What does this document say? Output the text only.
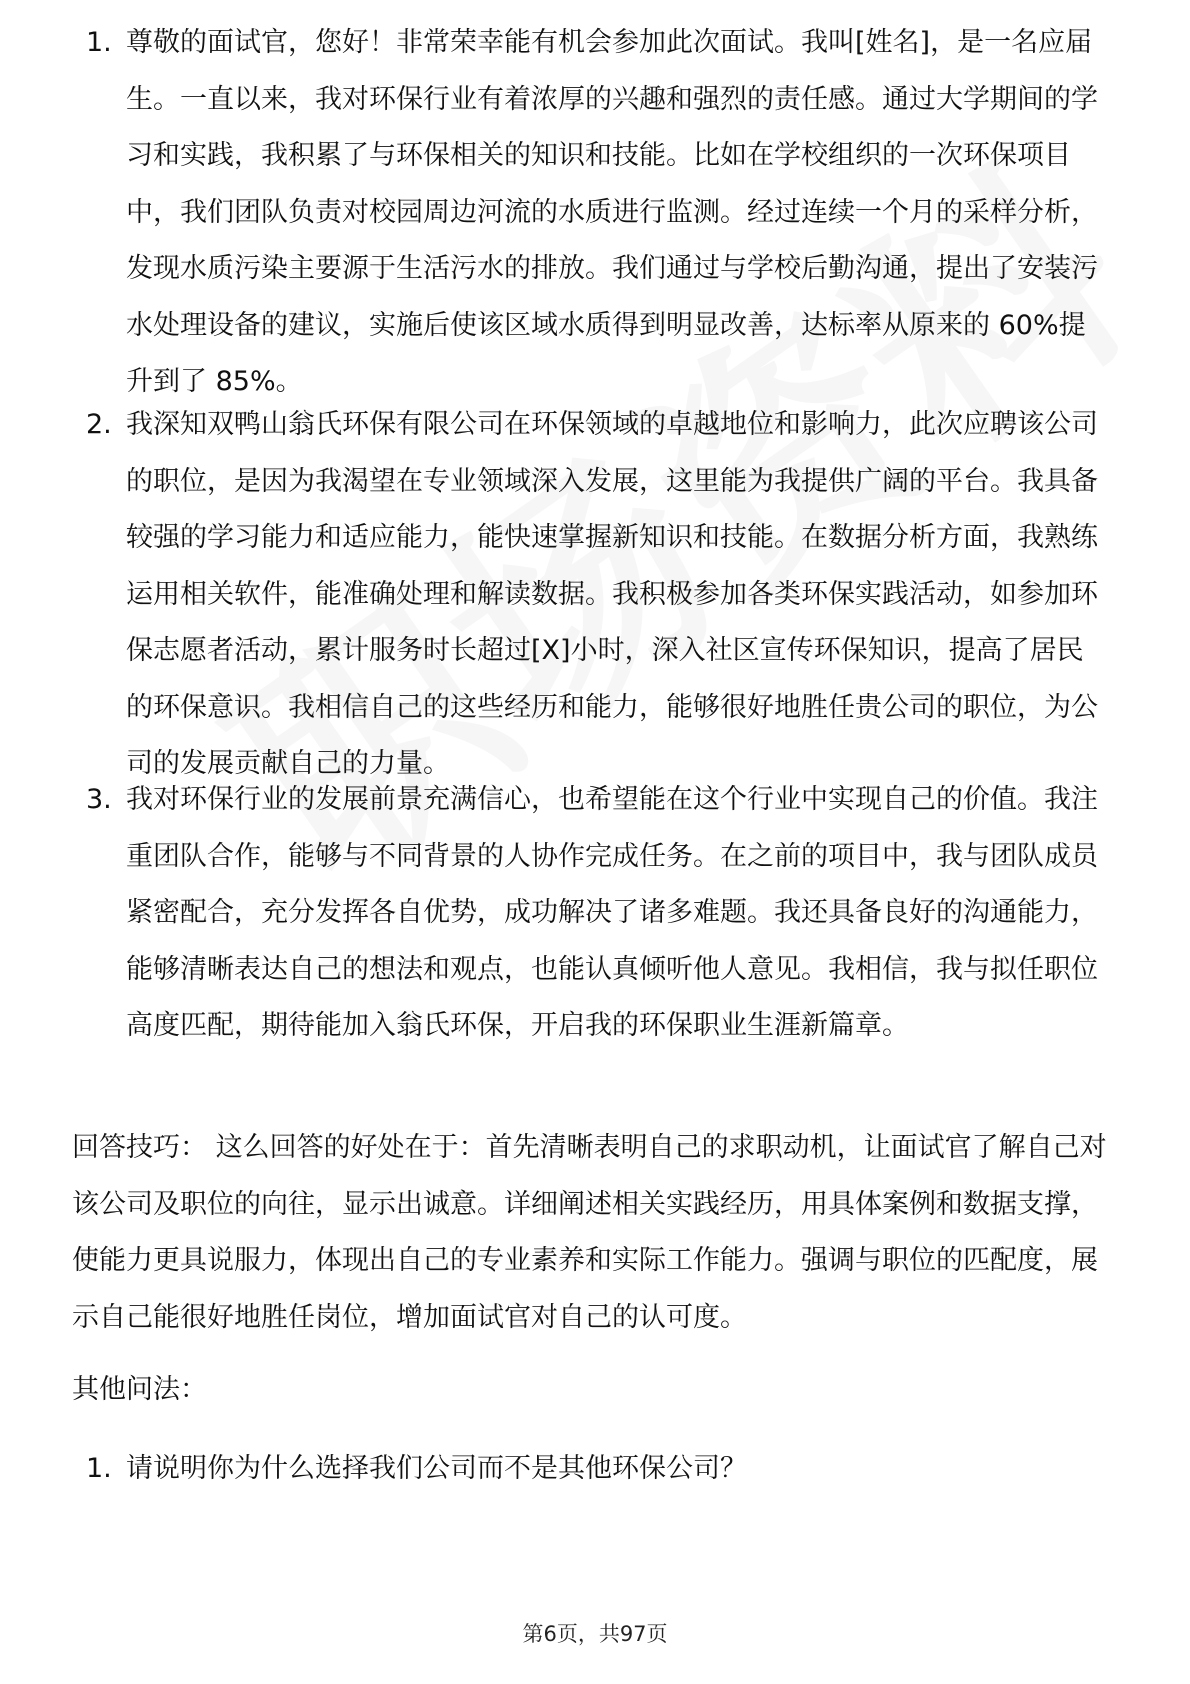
1. 尊敬的面试官，您好！非常荣幸能有机会参加此次面试。我叫[姓名]，是一名应届生。一直以来，我对环保行业有着浓厚的兴趣和强烈的责任感。通过大学期间的学习和实践，我积累了与环保相关的知识和技能。比如在学校组织的一次环保项目中，我们团队负责对校园周边河流的水质进行监测。经过连续一个月的采样分析，发现水质污染主要源于生活污水的排放。我们通过与学校后勤沟通，提出了安装污水处理设备的建议，实施后使该区域水质得到明显改善，达标率从原来的 60%提升到了 85%。
2. 我深知双鸭山翁氏环保有限公司在环保领域的卓越地位和影响力，此次应聘该公司的职位，是因为我渴望在专业领域深入发展，这里能为我提供广阔的平台。我具备较强的学习能力和适应能力，能快速掌握新知识和技能。在数据分析方面，我熟练运用相关软件，能准确处理和解读数据。我积极参加各类环保实践活动，如参加环保志愿者活动，累计服务时长超过[X]小时，深入社区宣传环保知识，提高了居民的环保意识。我相信自己的这些经历和能力，能够很好地胜任贵公司的职位，为公司的发展贡献自己的力量。
3. 我对环保行业的发展前景充满信心，也希望能在这个行业中实现自己的价值。我注重团队合作，能够与不同背景的人协作完成任务。在之前的项目中，我与团队成员紧密配合，充分发挥各自优势，成功解决了诸多难题。我还具备良好的沟通能力，能够清晰表达自己的想法和观点，也能认真倾听他人意见。我相信，我与拟任职位高度匹配，期待能加入翁氏环保，开启我的环保职业生涯新篇章。
回答技巧： 这么回答的好处在于：首先清晰表明自己的求职动机，让面试官了解自己对该公司及职位的向往，显示出诚意。详细阐述相关实践经历，用具体案例和数据支撑，使能力更具说服力，体现出自己的专业素养和实际工作能力。强调与职位的匹配度，展示自己能很好地胜任岗位，增加面试官对自己的认可度。
其他问法：
1. 请说明你为什么选择我们公司而不是其他环保公司？
第6页，共97页
